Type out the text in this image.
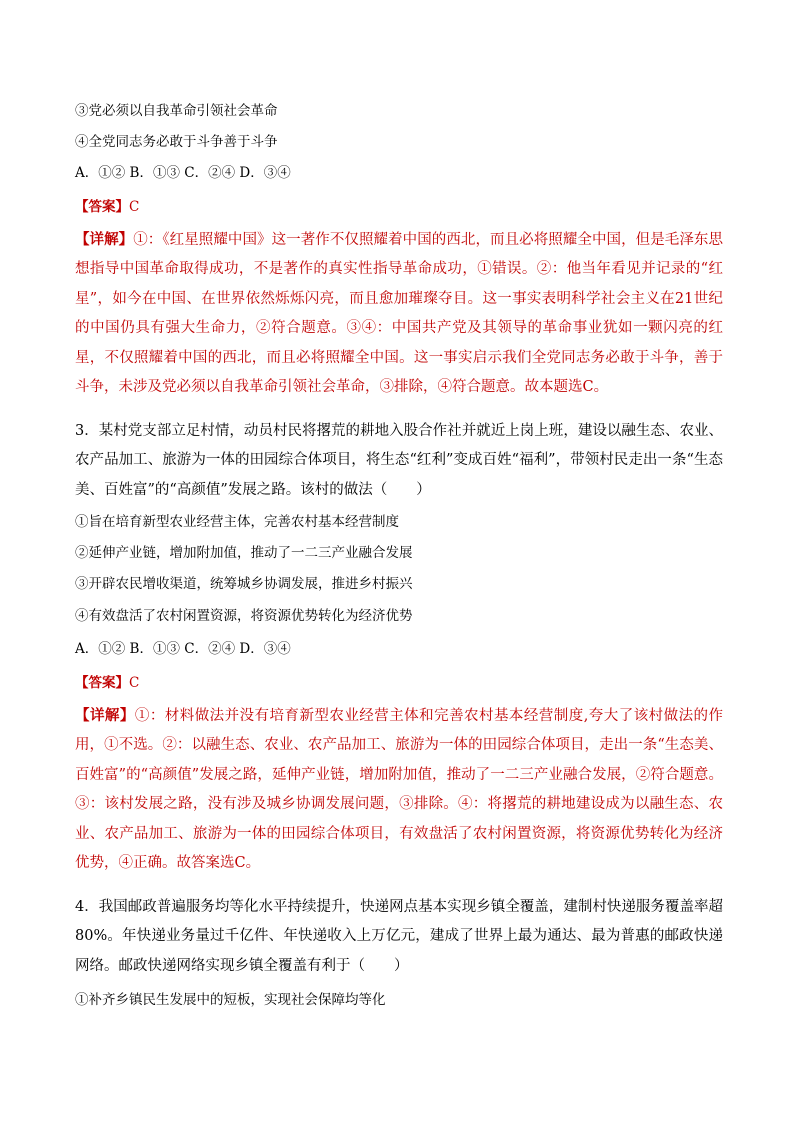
③党必须以自我革命引领社会革命
④全党同志务必敢于斗争善于斗争
A．①② B．①③ C．②④ D．③④
【答案】C
【详解】①：《红星照耀中国》这一著作不仅照耀着中国的西北，而且必将照耀全中国，但是毛泽东思想指导中国革命取得成功，不是著作的真实性指导革命成功，①错误。②：他当年看见并记录的“红星”，如今在中国、在世界依然烁烁闪亮，而且愈加璀璨夺目。这一事实表明科学社会主义在21世纪的中国仍具有强大生命力，②符合题意。③④：中国共产党及其领导的革命事业犹如一颗闪亮的红星，不仅照耀着中国的西北，而且必将照耀全中国。这一事实启示我们全党同志务必敢于斗争，善于斗争，未涉及党必须以自我革命引领社会革命，③排除，④符合题意。故本题选C。
3．某村党支部立足村情，动员村民将撂荒的耕地入股合作社并就近上岗上班，建设以融生态、农业、农产品加工、旅游为一体的田园综合体项目，将生态“红利”变成百姓“福利”，带领村民走出一条“生态美、百姓富”的“高颜值”发展之路。该村的做法（　　）
①旨在培育新型农业经营主体，完善农村基本经营制度
②延伸产业链，增加附加值，推动了一二三产业融合发展
③开辟农民增收渠道，统筹城乡协调发展，推进乡村振兴
④有效盘活了农村闲置资源，将资源优势转化为经济优势
A．①② B．①③ C．②④ D．③④
【答案】C
【详解】①：材料做法并没有培育新型农业经营主体和完善农村基本经营制度,夸大了该村做法的作用，①不选。②：以融生态、农业、农产品加工、旅游为一体的田园综合体项目，走出一条“生态美、百姓富”的“高颜值”发展之路，延伸产业链，增加附加值，推动了一二三产业融合发展，②符合题意。③：该村发展之路，没有涉及城乡协调发展问题，③排除。④：将撂荒的耕地建设成为以融生态、农业、农产品加工、旅游为一体的田园综合体项目，有效盘活了农村闲置资源，将资源优势转化为经济优势，④正确。故答案选C。
4．我国邮政普遍服务均等化水平持续提升，快递网点基本实现乡镇全覆盖，建制村快递服务覆盖率超80%。年快递业务量过千亿件、年快递收入上万亿元，建成了世界上最为通达、最为普惠的邮政快递网络。邮政快递网络实现乡镇全覆盖有利于（　　）
①补齐乡镇民生发展中的短板，实现社会保障均等化
